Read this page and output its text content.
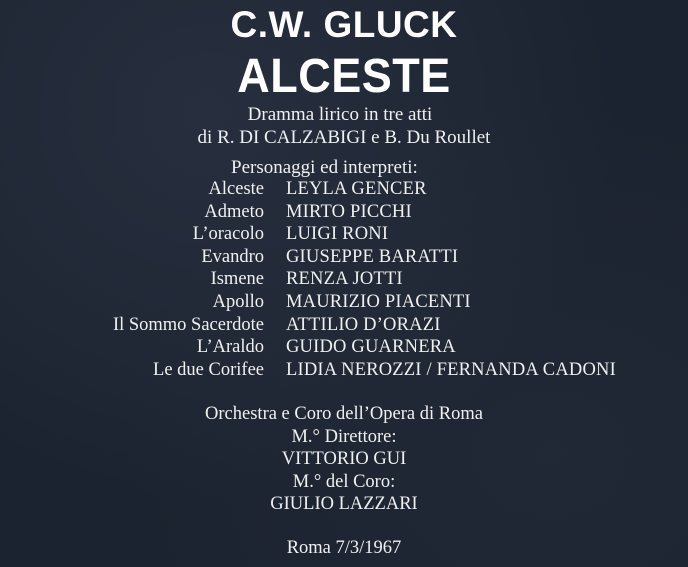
C.W. GLUCK
ALCESTE
Dramma lirico in tre atti
di R. DI CALZABIGI e B. Du Roullet
Personaggi ed interpreti:
Alceste LEYLA GENCER
Admeto MIRTO PICCHI
L’oracolo LUIGI RONI
Evandro GIUSEPPE BARATTI
Ismene RENZA JOTTI
Apollo MAURIZIO PIACENTI
Il Sommo Sacerdote ATTILIO D’ORAZI
L’Araldo GUIDO GUARNERA
Le due Corifee LIDIA NEROZZI / FERNANDA CADONI
Orchestra e Coro dell’Opera di Roma
M.° Direttore:
VITTORIO GUI
M.° del Coro:
GIULIO LAZZARI
Roma 7/3/1967
